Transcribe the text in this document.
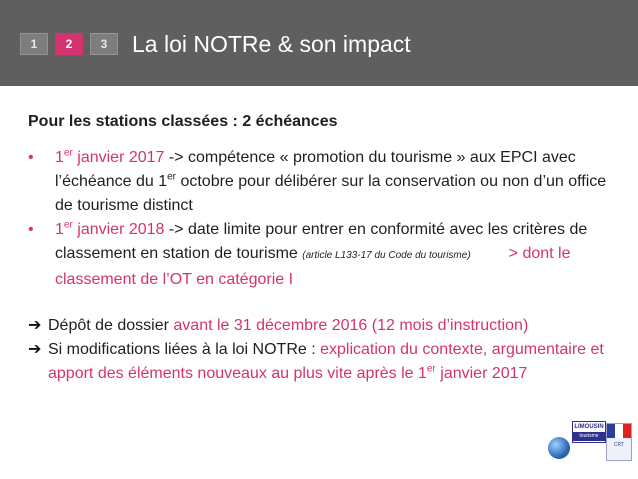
1	2	3	La loi NOTRe & son impact
Pour les stations classées : 2 échéances
• 1er janvier 2017 -> compétence « promotion du tourisme » aux EPCI avec l’échéance du 1er octobre pour délibérer sur la conservation ou non d’un office de tourisme distinct
• 1er janvier 2018 -> date limite pour entrer en conformité avec les critères de classement en station de tourisme (article L133-17 du Code du tourisme) > dont le classement de l’OT en catégorie I
➔ Dépôt de dossier avant le 31 décembre 2016 (12 mois d’instruction)
➔ Si modifications liées à la loi NOTRe : explication du contexte, argumentaire et apport des éléments nouveaux au plus vite après le 1er janvier 2017
LIMOUSIN
tourisme
CRT
